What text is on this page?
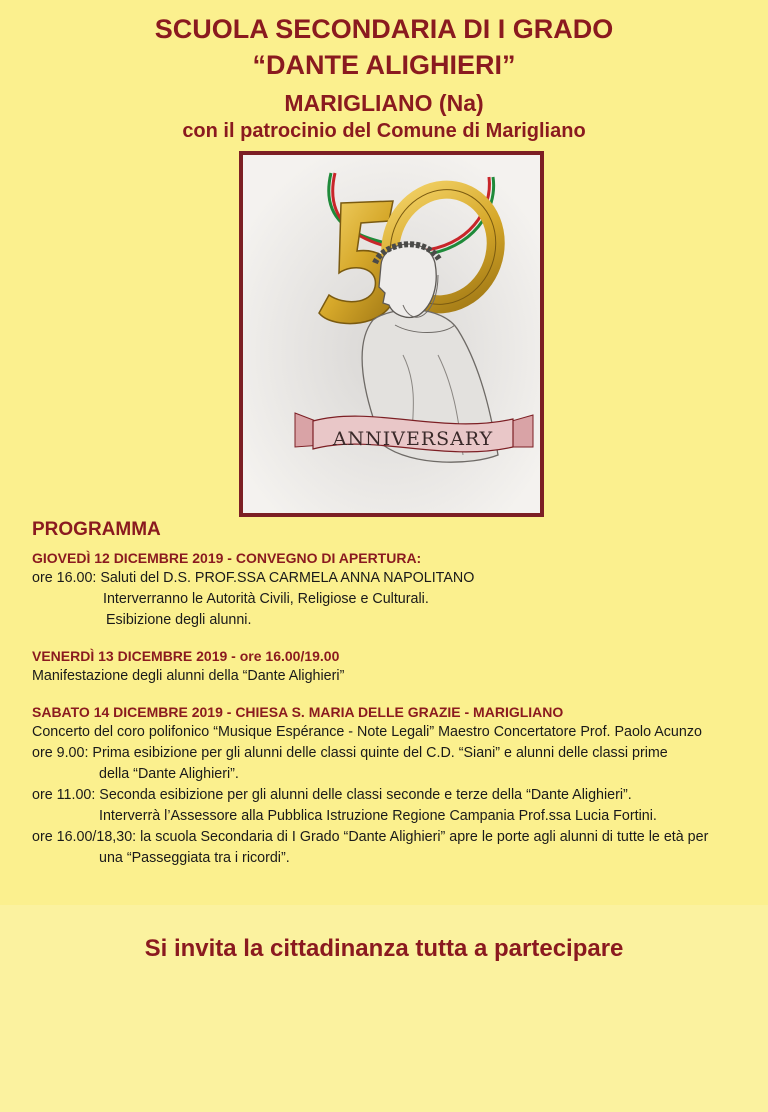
SCUOLA SECONDARIA DI I GRADO
“DANTE ALIGHIERI”
MARIGLIANO (Na)
con il patrocinio del Comune di Marigliano
ANNIVERSARY
PROGRAMMA
GIOVEDÌ 12 DICEMBRE 2019 - CONVEGNO DI APERTURA:
ore 16.00: Saluti del D.S. PROF.SSA CARMELA ANNA NAPOLITANO
Interverranno le Autorità Civili, Religiose e Culturali.
Esibizione degli alunni.
VENERDÌ 13 DICEMBRE 2019 - ore 16.00/19.00
Manifestazione degli alunni della “Dante Alighieri”
SABATO 14 DICEMBRE 2019 - CHIESA S. MARIA DELLE GRAZIE - MARIGLIANO
Concerto del coro polifonico “Musique Espérance - Note Legali” Maestro Concertatore Prof. Paolo Acunzo
ore 9.00: Prima esibizione per gli alunni delle classi quinte del C.D. “Siani” e alunni delle classi prime
della “Dante Alighieri”.
ore 11.00: Seconda esibizione per gli alunni delle classi seconde e terze della “Dante Alighieri”.
Interverrà l’Assessore alla Pubblica Istruzione Regione Campania Prof.ssa Lucia Fortini.
ore 16.00/18,30: la scuola Secondaria di I Grado “Dante Alighieri” apre le porte agli alunni di tutte le età per
una “Passeggiata tra i ricordi”.
Si invita la cittadinanza tutta a partecipare
